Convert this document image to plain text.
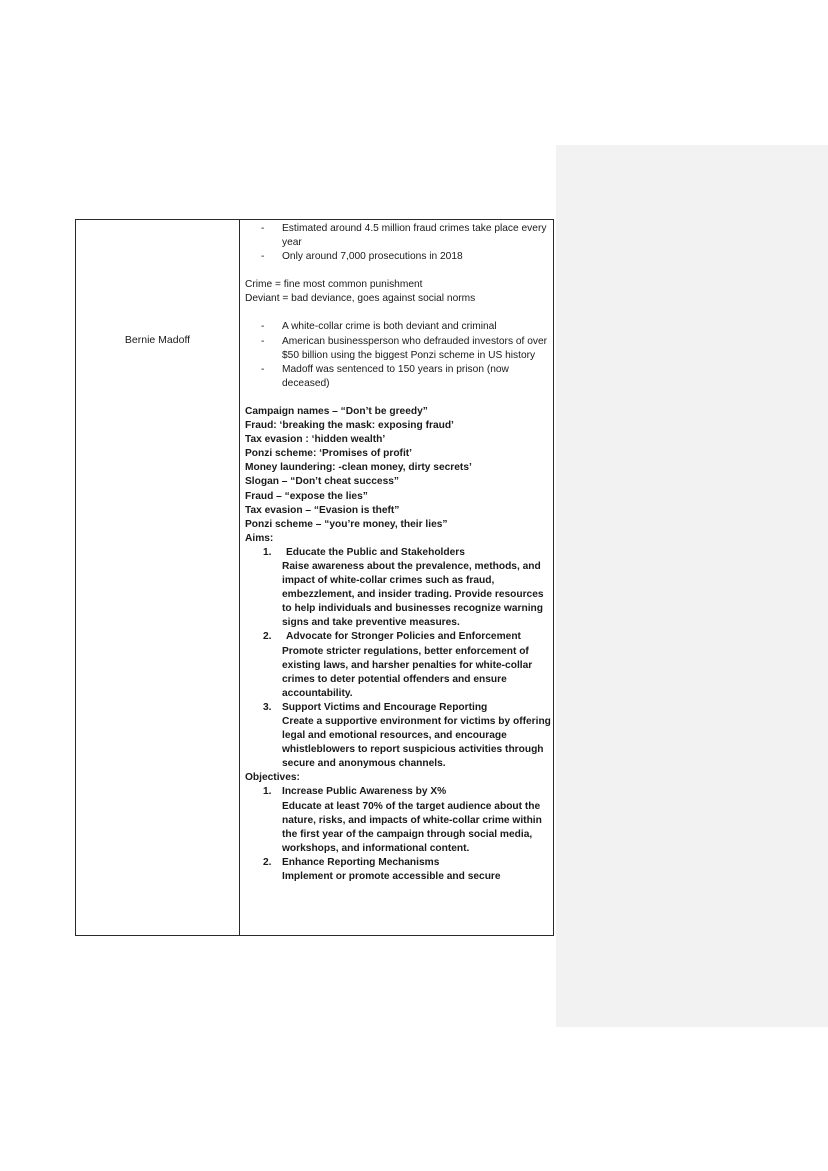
Bernie Madoff
- Estimated around 4.5 million fraud crimes take place every year
- Only around 7,000 prosecutions in 2018

Crime = fine most common punishment

Deviant = bad deviance, goes against social norms

- A white-collar crime is both deviant and criminal
- American businessperson who defrauded investors of over $50 billion using the biggest Ponzi scheme in US history
- Madoff was sentenced to 150 years in prison (now deceased)

Campaign names – “Don’t be greedy”

Fraud: ‘breaking the mask: exposing fraud’

Tax evasion : ‘hidden wealth’

Ponzi scheme: ‘Promises of profit’

Money laundering: -clean money, dirty secrets’

Slogan – “Don’t cheat success”

Fraud – “expose the lies”

Tax evasion – “Evasion is theft”

Ponzi scheme – “you’re money, their lies”

Aims:

1. Educate the Public and Stakeholders

Raise awareness about the prevalence, methods, and impact of white-collar crimes such as fraud, embezzlement, and insider trading. Provide resources to help individuals and businesses recognize warning signs and take preventive measures.

2. Advocate for Stronger Policies and Enforcement

Promote stricter regulations, better enforcement of existing laws, and harsher penalties for white-collar crimes to deter potential offenders and ensure accountability.

3. Support Victims and Encourage Reporting

Create a supportive environment for victims by offering legal and emotional resources, and encourage whistleblowers to report suspicious activities through secure and anonymous channels.

Objectives:

1. Increase Public Awareness by X%

Educate at least 70% of the target audience about the nature, risks, and impacts of white-collar crime within the first year of the campaign through social media, workshops, and informational content.

2. Enhance Reporting Mechanisms

Implement or promote accessible and secure
